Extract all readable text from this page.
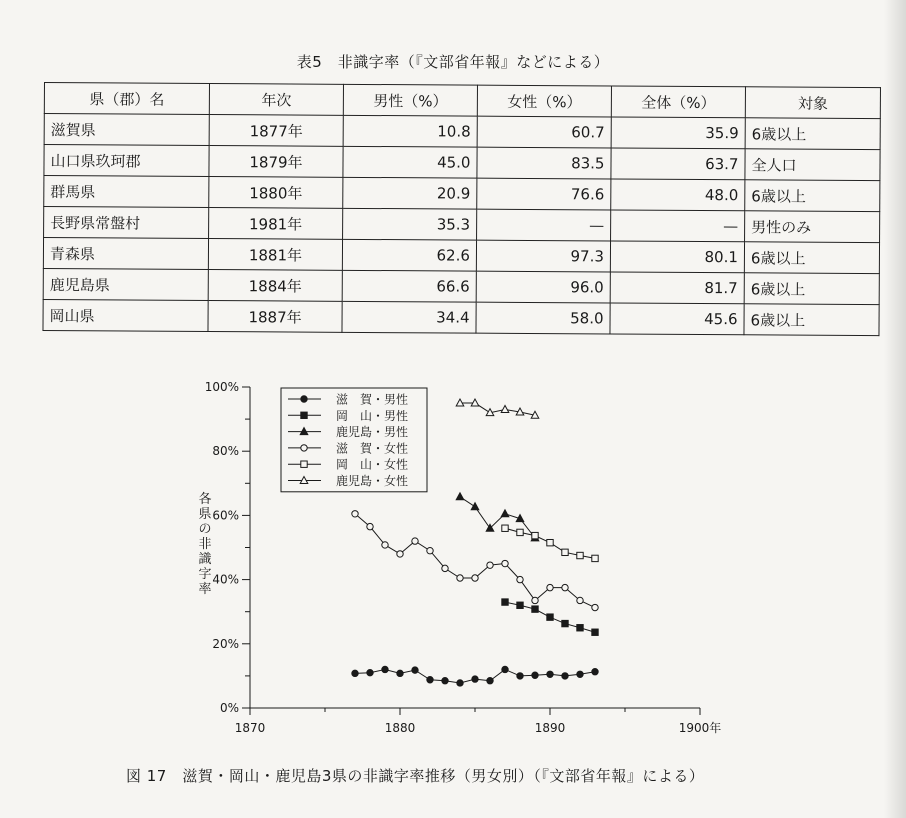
表5　非識字率（『文部省年報』などによる）
県（郡）名	年次	男性（%）	女性（%）	全体（%）	対象
滋賀県	1877年	10.8	60.7	35.9	6歳以上
山口県玖珂郡	1879年	45.0	83.5	63.7	全人口
群馬県	1880年	20.9	76.6	48.0	6歳以上
長野県常盤村	1981年	35.3	—	—	男性のみ
青森県	1881年	62.6	97.3	80.1	6歳以上
鹿児島県	1884年	66.6	96.0	81.7	6歳以上
岡山県	1887年	34.4	58.0	45.6	6歳以上
0%
20%
40%
60%
80%
100%
1870	1880	1890	1900年
滋　賀・男性
岡　山・男性
鹿児島・男性
滋　賀・女性
岡　山・女性
鹿児島・女性
各県の非識字率
図 17　滋賀・岡山・鹿児島3県の非識字率推移（男女別）（『文部省年報』による）
